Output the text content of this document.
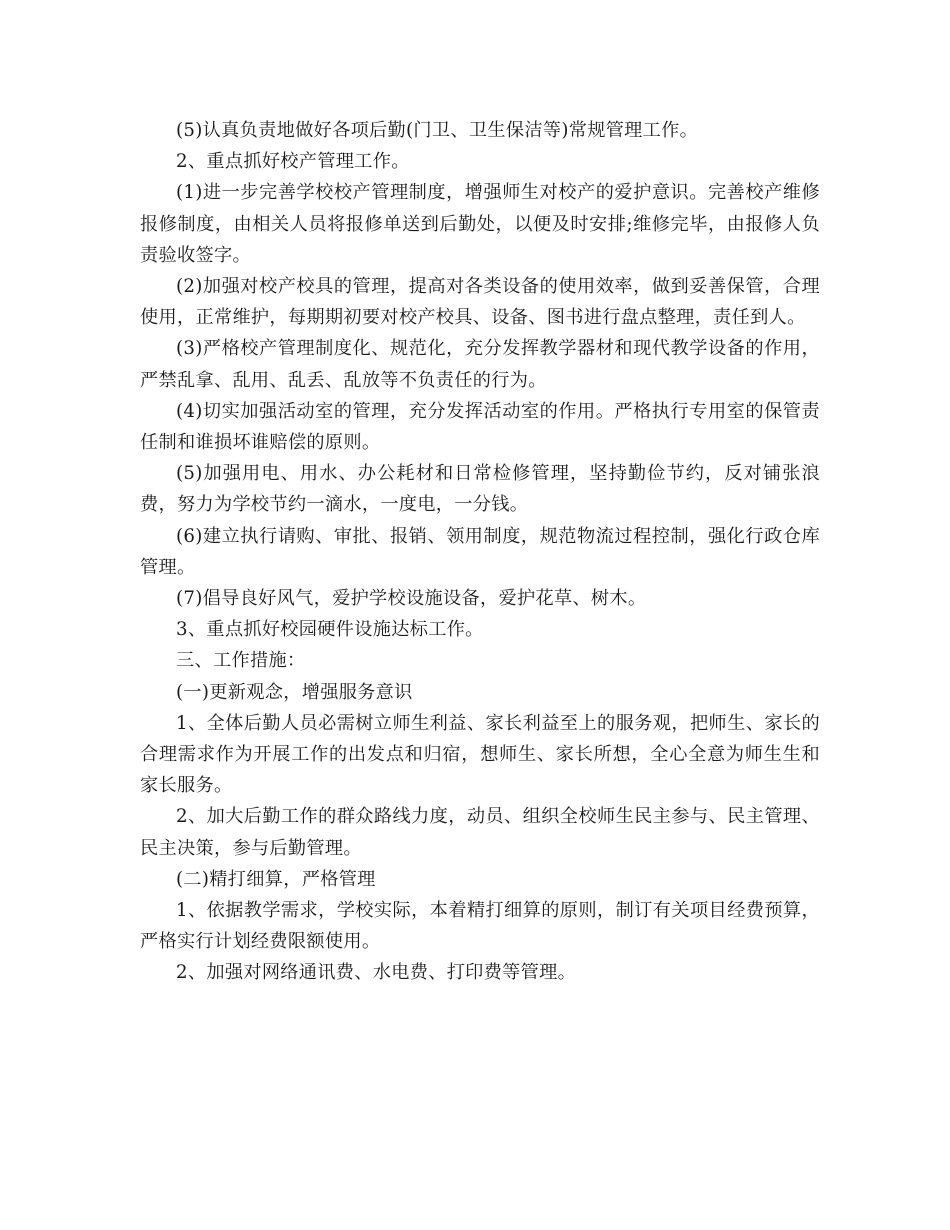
(5)认真负责地做好各项后勤(门卫、卫生保洁等)常规管理工作。

2、重点抓好校产管理工作。

(1)进一步完善学校校产管理制度，增强师生对校产的爱护意识。完善校产维修报修制度，由相关人员将报修单送到后勤处，以便及时安排;维修完毕，由报修人负责验收签字。

(2)加强对校产校具的管理，提高对各类设备的使用效率，做到妥善保管，合理使用，正常维护，每期期初要对校产校具、设备、图书进行盘点整理，责任到人。

(3)严格校产管理制度化、规范化，充分发挥教学器材和现代教学设备的作用，严禁乱拿、乱用、乱丢、乱放等不负责任的行为。

(4)切实加强活动室的管理，充分发挥活动室的作用。严格执行专用室的保管责任制和谁损坏谁赔偿的原则。

(5)加强用电、用水、办公耗材和日常检修管理，坚持勤俭节约，反对铺张浪费，努力为学校节约一滴水，一度电，一分钱。

(6)建立执行请购、审批、报销、领用制度，规范物流过程控制，强化行政仓库管理。

(7)倡导良好风气，爱护学校设施设备，爱护花草、树木。

3、重点抓好校园硬件设施达标工作。

三、工作措施：

(一)更新观念，增强服务意识

1、全体后勤人员必需树立师生利益、家长利益至上的服务观，把师生、家长的合理需求作为开展工作的出发点和归宿，想师生、家长所想，全心全意为师生生和家长服务。

2、加大后勤工作的群众路线力度，动员、组织全校师生民主参与、民主管理、民主决策，参与后勤管理。

(二)精打细算，严格管理

1、依据教学需求，学校实际，本着精打细算的原则，制订有关项目经费预算，严格实行计划经费限额使用。

2、加强对网络通讯费、水电费、打印费等管理。
